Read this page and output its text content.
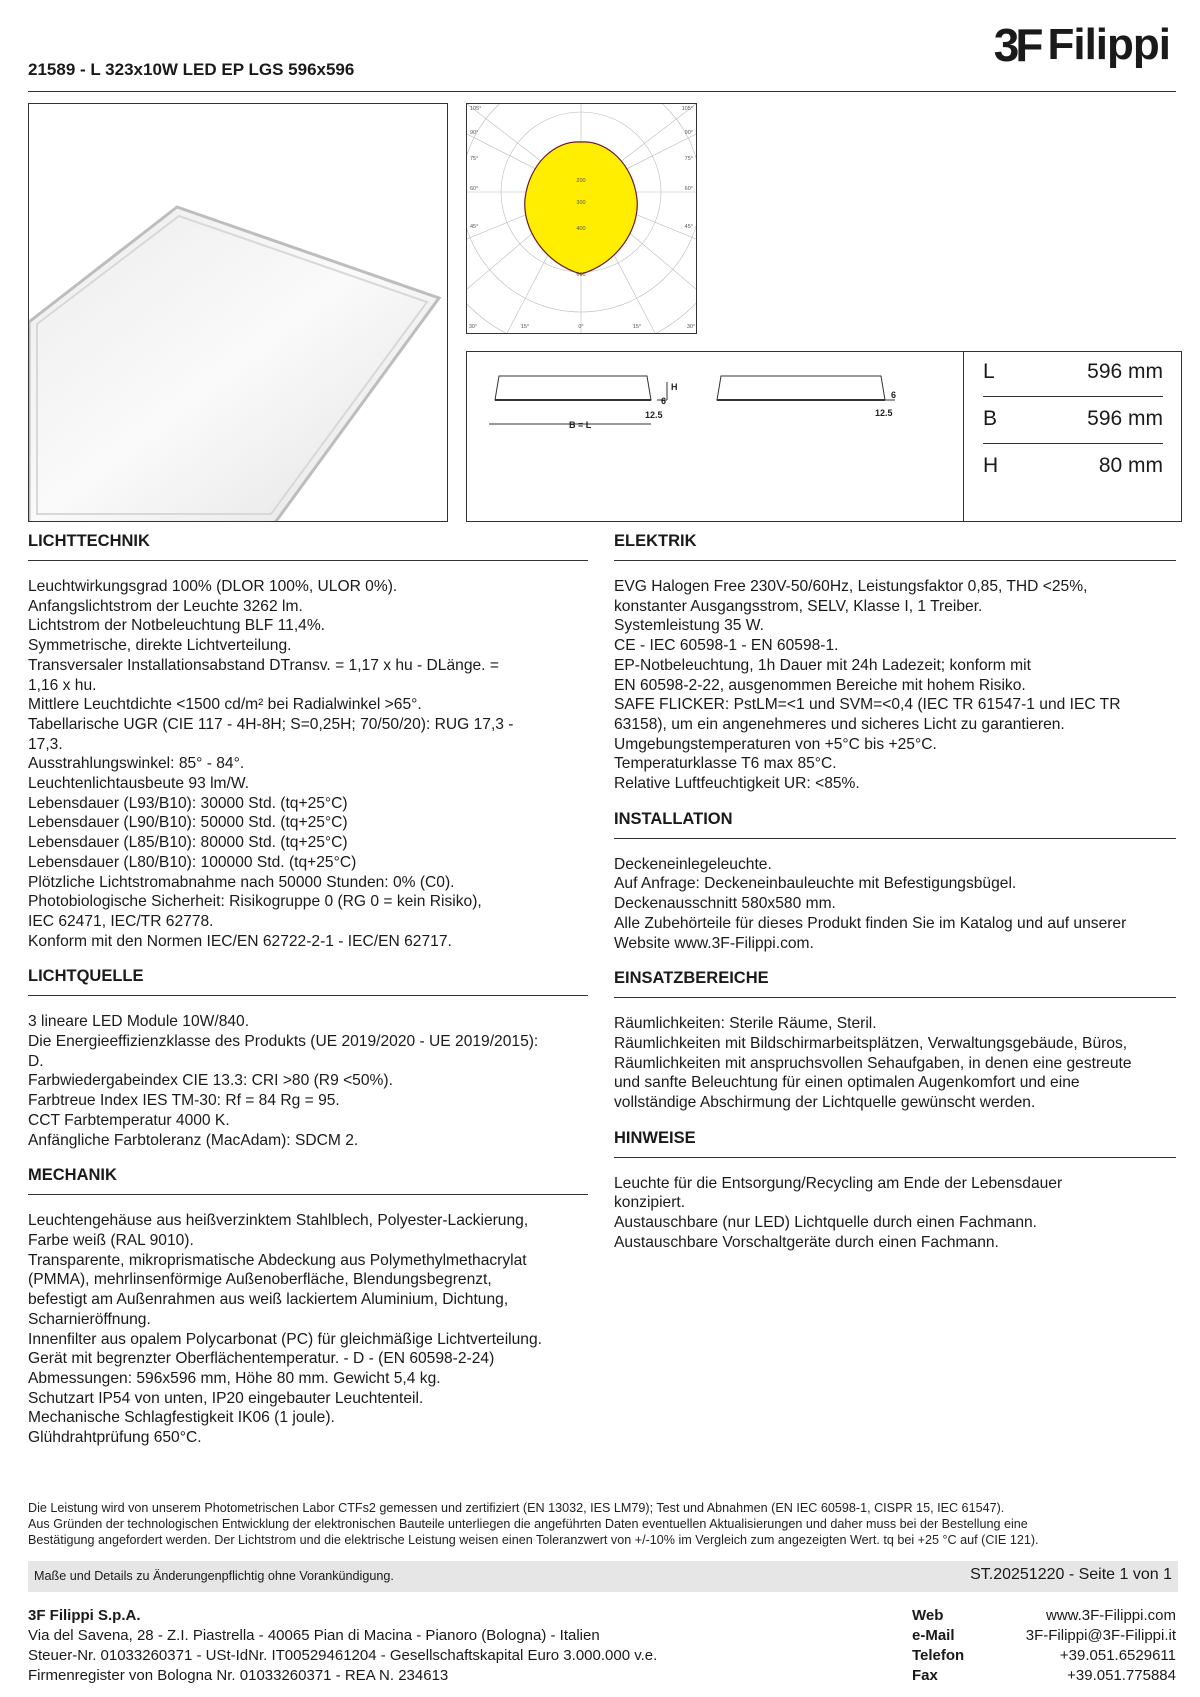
21589 - L 323x10W LED EP LGS 596x596	3F Filippi
105°
90°
75°
60°
45°
105°
90°
75°
60°
45°
30°	15°	0°	15°	30°
200
300
400
600
B = L
H
6
12.5
6
12.5
L	596 mm
B	596 mm
H	80 mm
LICHTTECHNIK

Leuchtwirkungsgrad 100% (DLOR 100%, ULOR 0%).

Anfangslichtstrom der Leuchte 3262 lm.

Lichtstrom der Notbeleuchtung BLF 11,4%.

Symmetrische, direkte Lichtverteilung.

Transversaler Installationsabstand DTransv. = 1,17 x hu - DLänge. =

1,16 x hu.

Mittlere Leuchtdichte <1500 cd/m² bei Radialwinkel >65°.

Tabellarische UGR (CIE 117 - 4H-8H; S=0,25H; 70/50/20): RUG 17,3 -

17,3.

Ausstrahlungswinkel: 85° - 84°.

Leuchtenlichtausbeute 93 lm/W.

Lebensdauer (L93/B10): 30000 Std. (tq+25°C)

Lebensdauer (L90/B10): 50000 Std. (tq+25°C)

Lebensdauer (L85/B10): 80000 Std. (tq+25°C)

Lebensdauer (L80/B10): 100000 Std. (tq+25°C)

Plötzliche Lichtstromabnahme nach 50000 Stunden: 0% (C0).

Photobiologische Sicherheit: Risikogruppe 0 (RG 0 = kein Risiko),

IEC 62471, IEC/TR 62778.

Konform mit den Normen IEC/EN 62722-2-1 - IEC/EN 62717.

LICHTQUELLE

3 lineare LED Module 10W/840.

Die Energieeffizienzklasse des Produkts (UE 2019/2020 - UE 2019/2015):

D.

Farbwiedergabeindex CIE 13.3: CRI >80 (R9 <50%).

Farbtreue Index IES TM-30: Rf = 84 Rg = 95.

CCT Farbtemperatur 4000 K.

Anfängliche Farbtoleranz (MacAdam): SDCM 2.

MECHANIK

Leuchtengehäuse aus heißverzinktem Stahlblech, Polyester-Lackierung,

Farbe weiß (RAL 9010).

Transparente, mikroprismatische Abdeckung aus Polymethylmethacrylat

(PMMA), mehrlinsenförmige Außenoberfläche, Blendungsbegrenzt,

befestigt am Außenrahmen aus weiß lackiertem Aluminium, Dichtung,

Scharnieröffnung.

Innenfilter aus opalem Polycarbonat (PC) für gleichmäßige Lichtverteilung.

Gerät mit begrenzter Oberflächentemperatur. - D - (EN 60598-2-24)

Abmessungen: 596x596 mm, Höhe 80 mm. Gewicht 5,4 kg.

Schutzart IP54 von unten, IP20 eingebauter Leuchtenteil.

Mechanische Schlagfestigkeit IK06 (1 joule).

Glühdrahtprüfung 650°C.

ELEKTRIK

EVG Halogen Free 230V-50/60Hz, Leistungsfaktor 0,85, THD <25%,

konstanter Ausgangsstrom, SELV, Klasse I, 1 Treiber.

Systemleistung 35 W.

CE - IEC 60598-1 - EN 60598-1.

EP-Notbeleuchtung, 1h Dauer mit 24h Ladezeit; konform mit

EN 60598-2-22, ausgenommen Bereiche mit hohem Risiko.

SAFE FLICKER: PstLM=<1 und SVM=<0,4 (IEC TR 61547-1 und IEC TR

63158), um ein angenehmeres und sicheres Licht zu garantieren.

Umgebungstemperaturen von +5°C bis +25°C.

Temperaturklasse T6 max 85°C.

Relative Luftfeuchtigkeit UR: <85%.

INSTALLATION

Deckeneinlegeleuchte.

Auf Anfrage: Deckeneinbauleuchte mit Befestigungsbügel.

Deckenausschnitt 580x580 mm.

Alle Zubehörteile für dieses Produkt finden Sie im Katalog und auf unserer

Website www.3F-Filippi.com.

EINSATZBEREICHE

Räumlichkeiten: Sterile Räume, Steril.

Räumlichkeiten mit Bildschirmarbeitsplätzen, Verwaltungsgebäude, Büros,

Räumlichkeiten mit anspruchsvollen Sehaufgaben, in denen eine gestreute

und sanfte Beleuchtung für einen optimalen Augenkomfort und eine

vollständige Abschirmung der Lichtquelle gewünscht werden.

HINWEISE

Leuchte für die Entsorgung/Recycling am Ende der Lebensdauer

konzipiert.

Austauschbare (nur LED) Lichtquelle durch einen Fachmann.

Austauschbare Vorschaltgeräte durch einen Fachmann.

Die Leistung wird von unserem Photometrischen Labor CTFs2 gemessen und zertifiziert (EN 13032, IES LM79); Test und Abnahmen (EN IEC 60598-1, CISPR 15, IEC 61547).

Aus Gründen der technologischen Entwicklung der elektronischen Bauteile unterliegen die angeführten Daten eventuellen Aktualisierungen und daher muss bei der Bestellung eine

Bestätigung angefordert werden. Der Lichtstrom und die elektrische Leistung weisen einen Toleranzwert von +/-10% im Vergleich zum angezeigten Wert. tq bei +25 °C auf (CIE 121).

Maße und Details zu Änderungenpflichtig ohne Vorankündigung.	ST.20251220 - Seite 1 von 1
3F Filippi S.p.A.
Via del Savena, 28 - Z.I. Piastrella - 40065 Pian di Macina - Pianoro (Bologna) - Italien
Steuer-Nr. 01033260371 - USt-IdNr. IT00529461204 - Gesellschaftskapital Euro 3.000.000 v.e.
Firmenregister von Bologna Nr. 01033260371 - REA N. 234613
Web	www.3F-Filippi.com
e-Mail	3F-Filippi@3F-Filippi.it
Telefon	+39.051.6529611
Fax	+39.051.775884
